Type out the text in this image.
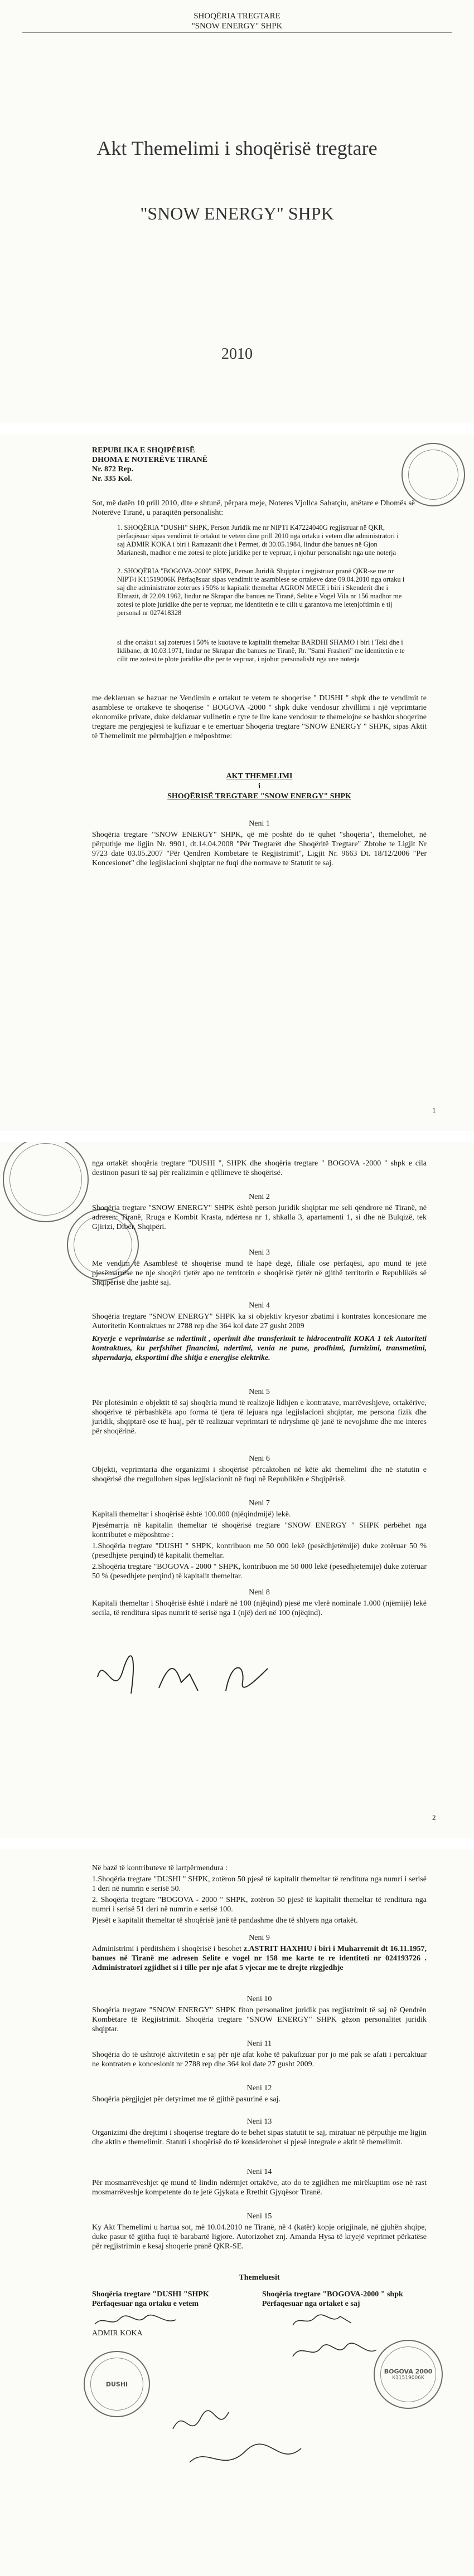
SHOQËRIA TREGTARE
"SNOW ENERGY" SHPK
Akt Themelimi i shoqërisë tregtare
"SNOW ENERGY" SHPK
2010
REPUBLIKA E SHQIPËRISË
DHOMA E NOTERËVE TIRANË
Nr. 872 Rep.
Nr. 335 Kol.
Sot, më datën 10 prill 2010, dite e shtunë, përpara meje, Noteres Vjollca Sahatçiu, anëtare e Dhomës së Noterëve Tiranë, u paraqitën personalisht:
1. SHOQËRIA "DUSHI" SHPK, Person Juridik me nr NIPTI K47224040G regjistruar në QKR, përfaqësuar sipas vendimit të ortakut te vetem dine prill 2010 nga ortaku i vetem dhe administratori i saj ADMIR KOKA i biri i Ramazanit dhe i Permet, dt 30.05.1984, lindur dhe banues në Gjon Marianesh, madhor e me zotesi te plote juridike per te vepruar, i njohur personalisht nga une noterja
2. SHOQËRIA "BOGOVA-2000" SHPK, Person Juridik Shqiptar i regjistruar pranë QKR-se me nr NIPT-i K11519006K Përfaqësuar sipas vendimit te asamblese se ortakeve date 09.04.2010 nga ortaku i saj dhe administrator zoterues i 50% te kapitalit themeltar AGRON MECE i biri i Skenderit dhe i Elmazit, dt 22.09.1962, lindur ne Skrapar dhe banues ne Tiranë, Selite e Vogel Vila nr 156 madhor me zotesi te plote juridike dhe per te vepruar, me identitetin e te cilit u garantova me letenjoftimin e tij personal nr 027418328
si dhe ortaku i saj zoterues i 50% te kuotave te kapitalit themeltar BARDHI SHAMO i biri i Teki dhe i Iklibane, dt 10.03.1971, lindur ne Skrapar dhe banues ne Tiranë, Rr. "Sami Frasheri" me identitetin e te cilit me zotesi te plote juridike dhe per te vepruar, i njohur personalisht nga une noterja
me deklaruan se bazuar ne Vendimin e ortakut te vetem te shoqerise " DUSHI " shpk dhe te vendimit te asamblese te ortakeve te shoqerise " BOGOVA -2000 " shpk duke vendosur zhvillimi i një veprimtarie ekonomike private, duke deklaruar vullnetin e tyre te lire kane vendosur te themelojne se bashku shoqerine tregtare me pergjegjesi te kufizuar e te emertuar Shoqeria tregtare "SNOW ENERGY " SHPK, sipas Aktit të Themelimit me përmbajtjen e mëposhtme:
AKT THEMELIMI
i
SHOQËRISË TREGTARE "SNOW ENERGY" SHPK
Neni 1
Shoqëria tregtare "SNOW ENERGY" SHPK, që më poshtë do të quhet "shoqëria", themelohet, në përputhje me ligjin Nr. 9901, dt.14.04.2008 "Për Tregtarët dhe Shoqëritë Tregtare" Zbtohe te Ligjit Nr 9723 date 03.05.2007 "Për Qendren Kombetare te Regjistrimit", Ligjit Nr. 9663 Dt. 18/12/2006 "Per Koncesionet" dhe legjislacioni shqiptar ne fuqi dhe normave te Statutit te saj.
1
nga ortakët shoqëria tregtare "DUSHI ", SHPK dhe shoqëria tregtare " BOGOVA -2000 " shpk e cila destinon pasuri të saj për realizimin e qëllimeve të shoqërisë.
Neni 2
Shoqëria tregtare "SNOW ENERGY" SHPK është person juridik shqiptar me seli qëndrore në Tiranë, në adresen: Tiranë, Rruga e Kombit Krasta, ndërtesa nr 1, shkalla 3, apartamenti 1, si dhe në Bulqizë, tek Gjirizi, Dibër, Shqipëri.
Neni 3
Me vendim të Asamblesë të shoqërisë mund të hapë degë, filiale ose përfaqësi, apo mund të jetë pjesëmarrëse ne nje shoqëri tjetër apo ne territorin e shoqërisë tjetër në gjithë territorin e Republikës së Shqipërisë dhe jashtë saj.
Neni 4
Shoqëria tregtare "SNOW ENERGY" SHPK ka si objektiv kryesor zbatimi i kontrates koncesionare me Autoritetin Kontraktues nr 2788 rep dhe 364 kol date 27 gusht 2009
Kryerje e veprimtarise se ndertimit , operimit dhe transferimit te hidrocentralit KOKA 1 tek Autoriteti kontraktues, ku perfshihet financimi, ndertimi, venia ne pune, prodhimi, furnizimi, transmetimi, shperndarja, eksportimi dhe shitja e energjise elektrike.
Neni 5
Për plotësimin e objektit të saj shoqëria mund të realizojë lidhjen e kontratave, marrëveshjeve, ortakërive, shoqërive të përbashkëta apo forma të tjera të lejuara nga legjislacioni shqiptar, me persona fizik dhe juridik, shqiptarë ose të huaj, për të realizuar veprimtari të ndryshme që janë të nevojshme dhe me interes për shoqërinë.
Neni 6
Objekti, veprimtaria dhe organizimi i shoqërisë përcaktohen në këtë akt themelimi dhe në statutin e shoqërisë dhe rregullohen sipas legjislacionit në fuqi në Republikën e Shqipërisë.
Neni 7
Kapitali themeltar i shoqërisë është 100.000 (njëqindmijë) lekë.
Pjesëmarrja në kapitalin themeltar të shoqërisë tregtare "SNOW ENERGY " SHPK përbëhet nga kontributet e mëposhtme :
1.Shoqëria tregtare "DUSHI " SHPK, kontribuon me 50 000 lekë (pesëdhjetëmijë) duke zotëruar 50 % (pesedhjete perqind) të kapitalit themeltar.
2.Shoqëria tregtare "BOGOVA - 2000 " SHPK, kontribuon me 50 000 lekë (pesedhjetemije) duke zotëruar 50 % (pesedhjete perqind) të kapitalit themeltar.
Neni 8
Kapitali themeltar i Shoqërisë është i ndarë në 100 (njëqind) pjesë me vlerë nominale 1.000 (njëmijë) lekë secila, të renditura sipas numrit të serisë nga 1 (një) deri në 100 (njëqind).
2
Në bazë të kontributeve të lartpërmendura :
1.Shoqëria tregtare "DUSHI " SHPK, zotëron 50 pjesë të kapitalit themeltar të renditura nga numri i serisë 1 deri në numrin e serisë 50.
2. Shoqëria tregtare "BOGOVA - 2000 " SHPK, zotëron 50 pjesë të kapitalit themeltar të renditura nga numri i serisë 51 deri në numrin e serisë 100.
Pjesët e kapitalit themeltar të shoqërisë janë të pandashme dhe të shlyera nga ortakët.
Neni 9
Administrimi i përditshëm i shoqërisë i besohet z.ASTRIT HAXHIU i biri i Muharremit dt 16.11.1957, banues në Tiranë me adresen Selite e vogel nr 158 me karte te re identiteti nr 024193726 . Administratori zgjidhet si i tille per nje afat 5 vjecar me te drejte rizgjedhje
Neni 10
Shoqëria tregtare "SNOW ENERGY" SHPK fiton personalitet juridik pas regjistrimit të saj në Qendrën Kombëtare të Regjistrimit. Shoqëria tregtare "SNOW ENERGY" SHPK gëzon personalitet juridik shqiptar.
Neni 11
Shoqëria do të ushtrojë aktivitetin e saj për një afat kohe të pakufizuar por jo më pak se afati i percaktuar ne kontraten e koncesionit nr 2788 rep dhe 364 kol date 27 gusht 2009.
Neni 12
Shoqëria përgjigjet për detyrimet me të gjithë pasurinë e saj.
Neni 13
Organizimi dhe drejtimi i shoqërisë tregtare do te behet sipas statutit te saj, miratuar në përputhje me ligjin dhe aktin e themelimit. Statuti i shoqërisë do të konsiderohet si pjesë integrale e aktit të themelimit.
Neni 14
Për mosmarrëveshjet që mund të lindin ndërmjet ortakëve, ato do te zgjidhen me mirëkuptim ose në rast mosmarrëveshje kompetente do te jetë Gjykata e Rrethit Gjyqësor Tiranë.
Neni 15
Ky Akt Themelimi u hartua sot, më 10.04.2010 ne Tiranë, në 4 (katër) kopje origjinale, në gjuhën shqipe, duke pasur të gjitha fuqi të barabartë ligjore. Autorizohet znj. Amanda Hysa të kryejë veprimet përkatëse për regjistrimin e kesaj shoqerie pranë QKR-SE.
Themeluesit
Shoqëria tregtare "DUSHI "SHPK
Përfaqesuar nga ortaku e vetem
ADMIR KOKA
Shoqëria tregtare "BOGOVA-2000 " shpk
Përfaqesuar nga ortaket e saj
DUSHI
BOGOVA 2000
K11519006K
